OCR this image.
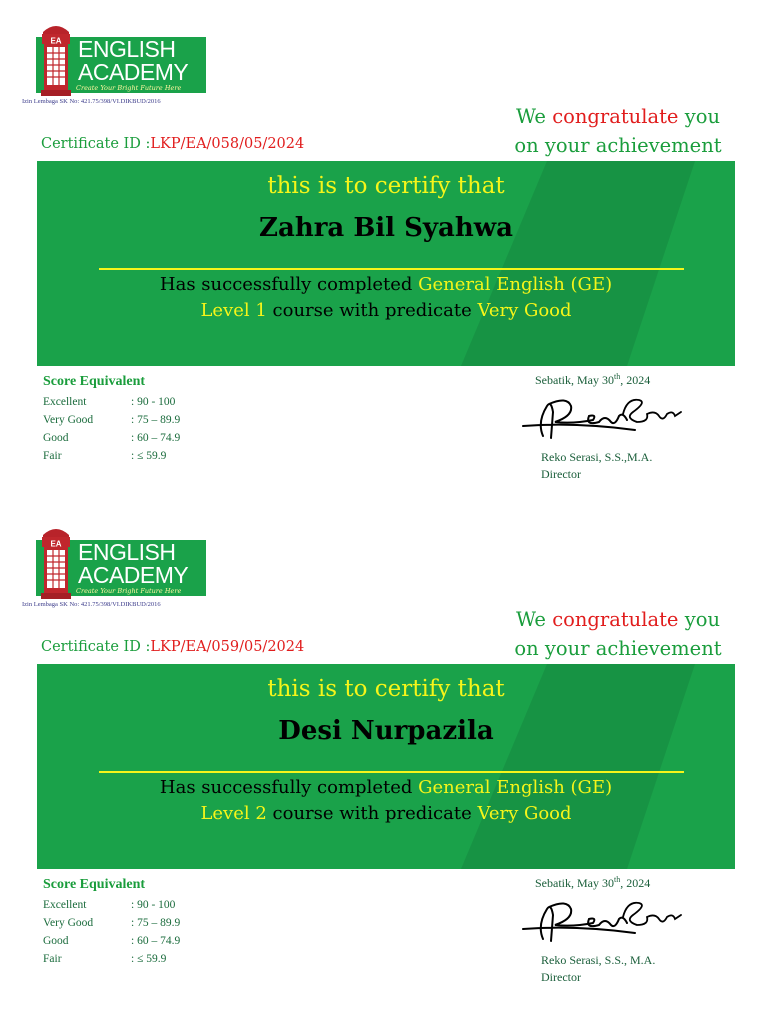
EA ENGLISH
ACADEMY
Create Your Bright Future Here
Izin Lembaga SK No: 421.75/398/VI.DIKBUD/2016
We congratulate you
on your achievement
Certificate ID :LKP/EA/058/05/2024
this is to certify that
Zahra Bil Syahwa
Has successfully completed General English (GE)
Level 1 course with predicate Very Good
Score Equivalent
Excellent	: 90 - 100
Very Good	: 75 – 89.9
Good	: 60 – 74.9
Fair	: ≤ 59.9
Sebatik, May 30th, 2024
Reko Serasi, S.S.,M.A.
Director
EA ENGLISH
ACADEMY
Create Your Bright Future Here
Izin Lembaga SK No: 421.75/398/VI.DIKBUD/2016
We congratulate you
on your achievement
Certificate ID :LKP/EA/059/05/2024
this is to certify that
Desi Nurpazila
Has successfully completed General English (GE)
Level 2 course with predicate Very Good
Score Equivalent
Excellent	: 90 - 100
Very Good	: 75 – 89.9
Good	: 60 – 74.9
Fair	: ≤ 59.9
Sebatik, May 30th, 2024
Reko Serasi, S.S., M.A.
Director
